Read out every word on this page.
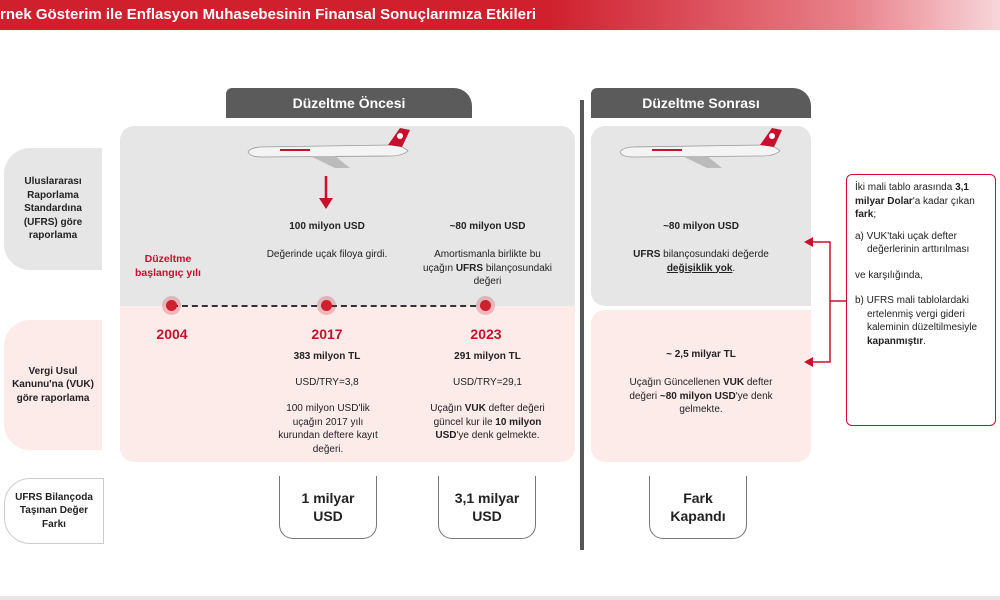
rnek Gösterim ile Enflasyon Muhasebesinin Finansal Sonuçlarımıza Etkileri
Düzeltme Öncesi	Düzeltme Sonrası
Uluslararası Raporlama Standardına (UFRS) göre raporlama
Vergi Usul Kanunu'na (VUK) göre raporlama
UFRS Bilançoda Taşınan Değer Farkı
100 milyon USD
Değerinde uçak filoya girdi.
~80 milyon USD
Amortismanla birlikte bu uçağın UFRS bilançosundaki değeri
Düzeltme başlangıç yılı
2004	2017	2023
383 milyon TL
USD/TRY=3,8
100 milyon USD'lik uçağın 2017 yılı kurundan deftere kayıt değeri.
291 milyon TL
USD/TRY=29,1
Uçağın VUK defter değeri güncel kur ile 10 milyon USD'ye denk gelmekte.
~80 milyon USD
UFRS bilançosundaki değerde değişiklik yok.
~ 2,5 milyar TL
Uçağın Güncellenen VUK defter değeri ~80 milyon USD'ye denk gelmekte.
1 milyar USD
3,1 milyar USD
Fark Kapandı

İki mali tablo arasında 3,1 milyar Dolar'a kadar çıkan fark;

a) VUK'taki uçak defter değerlerinin arttırılması

ve karşılığında,

b) UFRS mali tablolardaki ertelenmiş vergi gideri kaleminin düzeltilmesiyle kapanmıştır.
